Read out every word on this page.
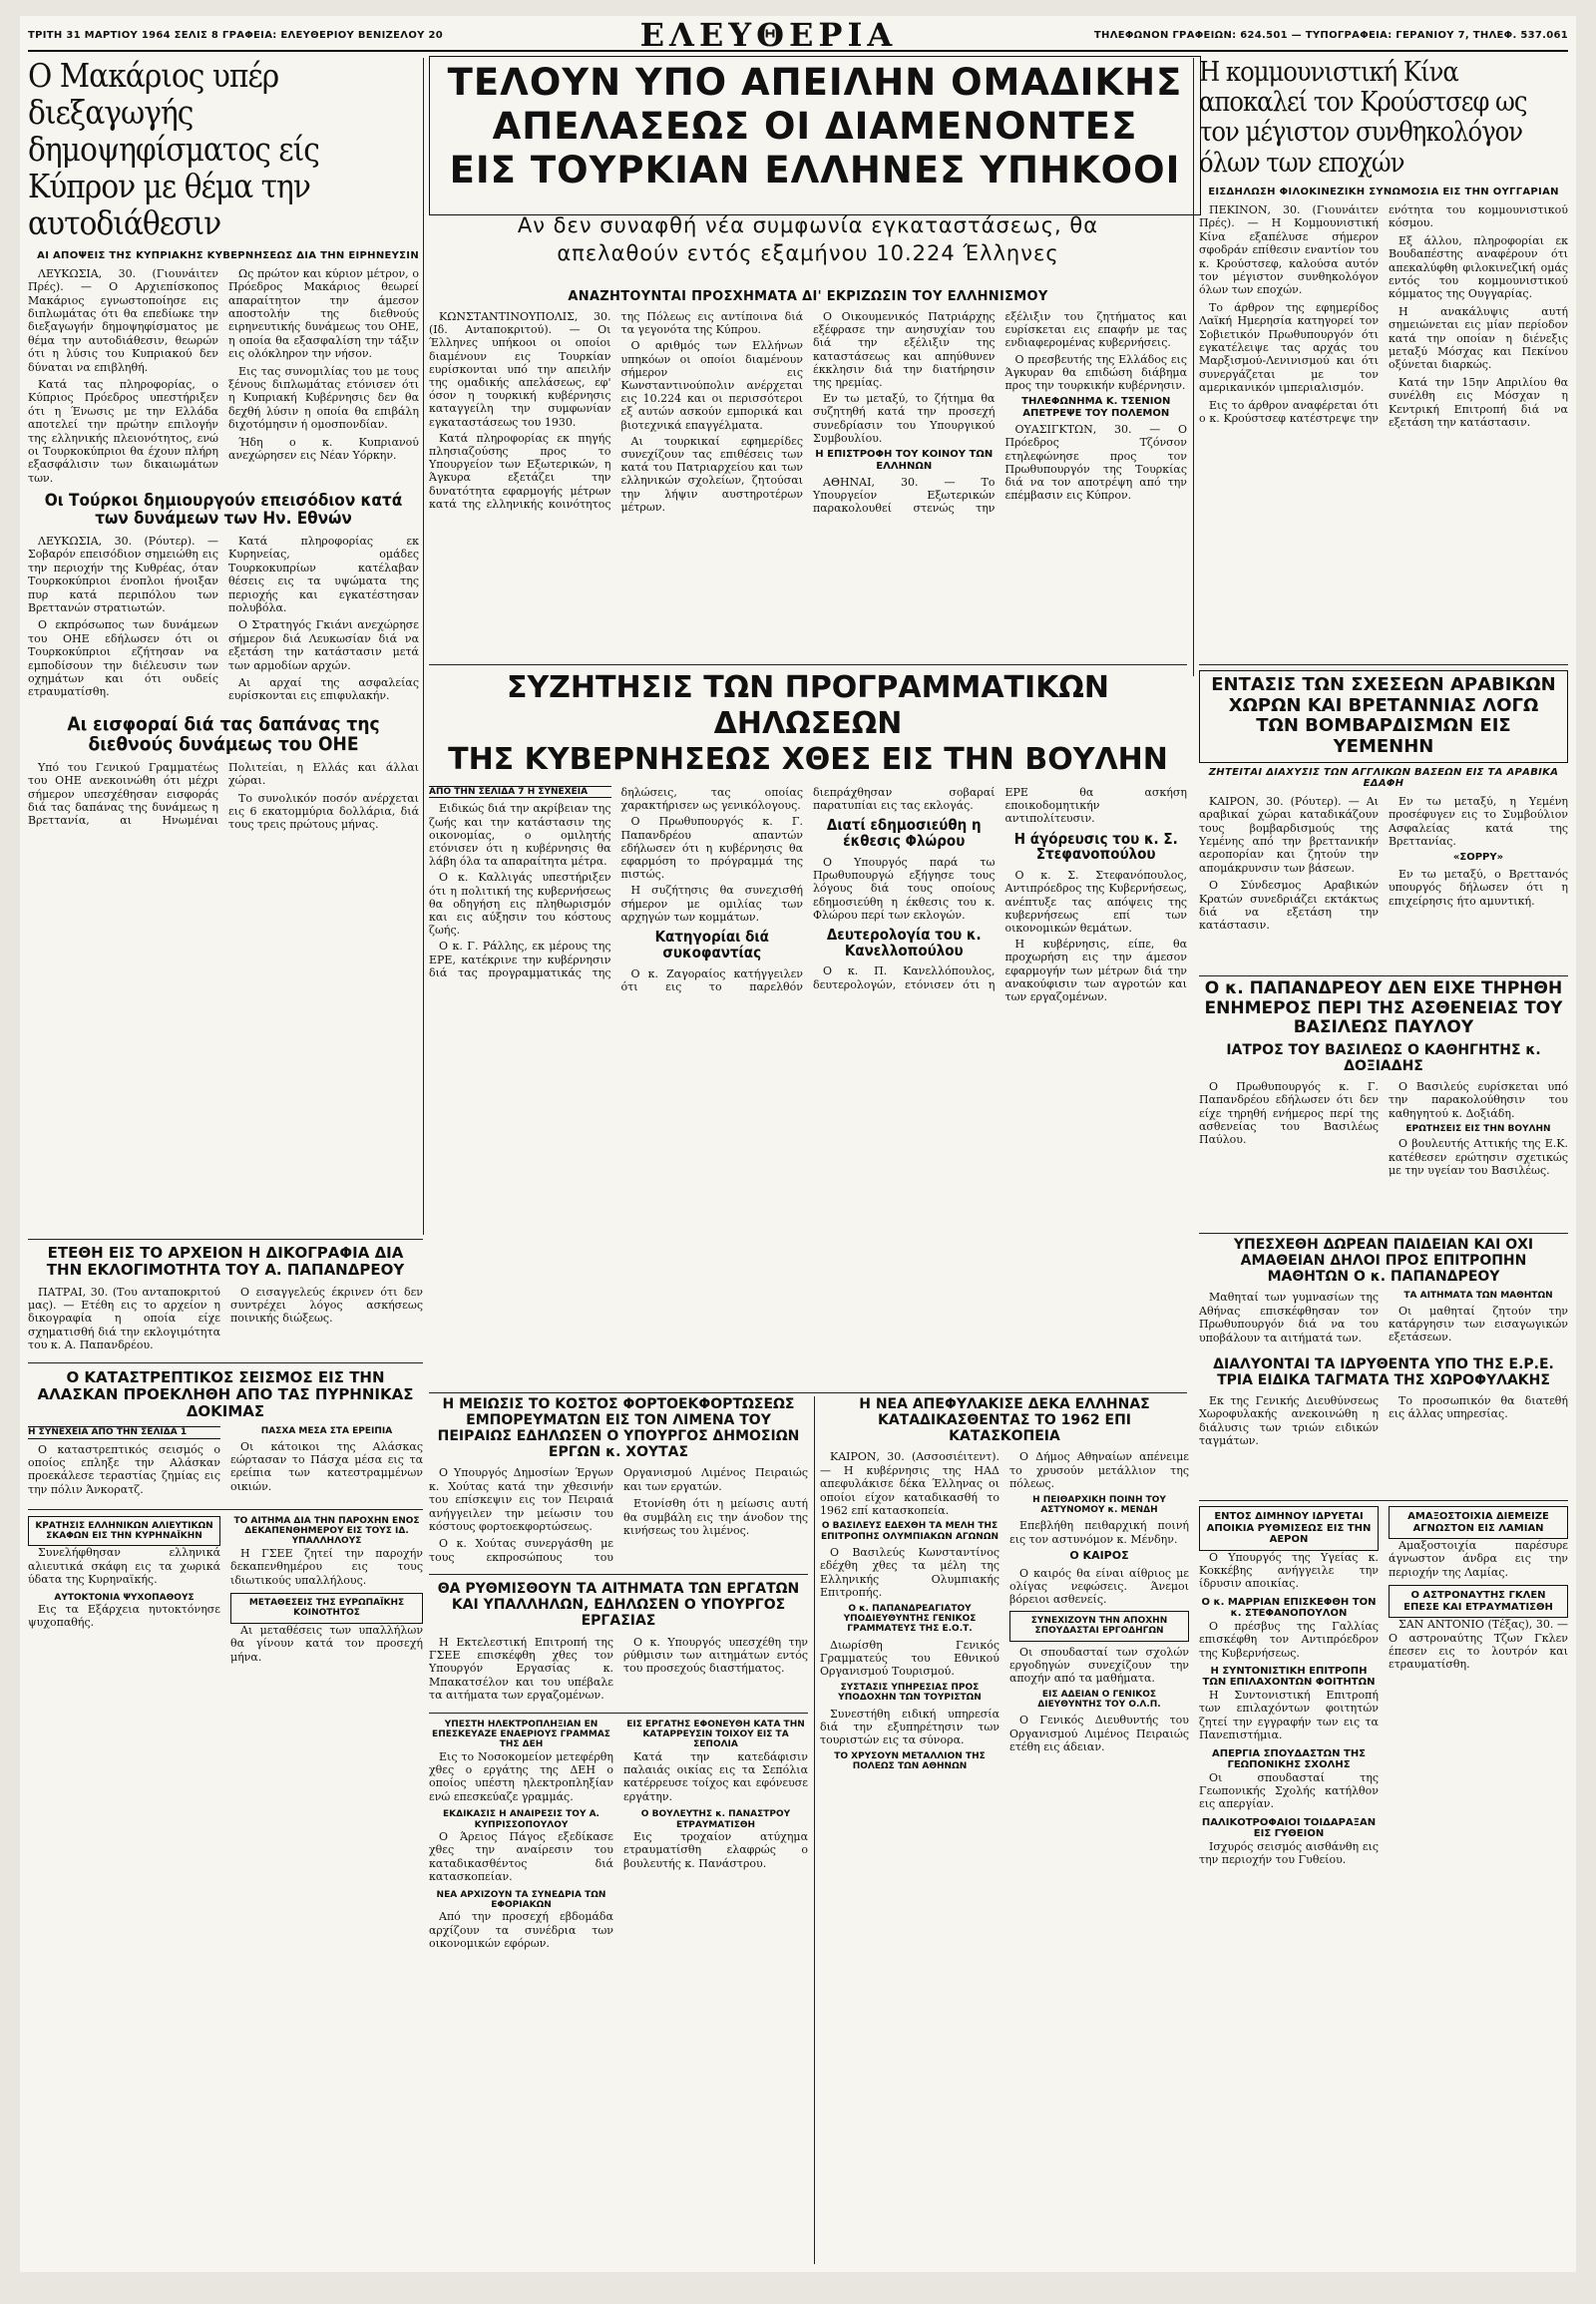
ΤΡΙΤΗ 31 ΜΑΡΤΙΟΥ 1964 ΣΕΛΙΣ 8 ΓΡΑΦΕΙΑ: ΕΛΕΥΘΕΡΙΟΥ ΒΕΝΙΖΕΛΟΥ 20	ΕΛΕΥΘΕΡΙΑ	ΤΗΛΕΦΩΝΟΝ ΓΡΑΦΕΙΩΝ: 624.501 — ΤΥΠΟΓΡΑΦΕΙΑ: ΓΕΡΑΝΙΟΥ 7, ΤΗΛΕΦ. 537.061
Ο Μακάριος υπέρ διεξαγωγής δημοψηφίσματος είς Κύπρον με θέμα την αυτοδιάθεσιν
ΑΙ ΑΠΟΨΕΙΣ ΤΗΣ ΚΥΠΡΙΑΚΗΣ ΚΥΒΕΡΝΗΣΕΩΣ ΔΙΑ ΤΗΝ ΕΙΡΗΝΕΥΣΙΝ

ΛΕΥΚΩΣΙΑ, 30. (Γιουνάιτεν Πρές). — Ο Αρχιεπίσκοπος Μακάριος εγνωστοποίησε εις διπλωμάτας ότι θα επεδίωκε την διεξαγωγήν δημοψηφίσματος με θέμα την αυτοδιάθεσιν, θεωρών ότι η λύσις του Κυπριακού δεν δύναται να επιβληθή.

Κατά τας πληροφορίας, ο Κύπριος Πρόεδρος υπεστήριξεν ότι η Ένωσις με την Ελλάδα αποτελεί την πρώτην επιλογήν της ελληνικής πλειονότητος, ενώ οι Τουρκοκύπριοι θα έχουν πλήρη εξασφάλισιν των δικαιωμάτων των.

Ως πρώτον και κύριον μέτρον, ο Πρόεδρος Μακάριος θεωρεί απαραίτητον την άμεσον αποστολήν της διεθνούς ειρηνευτικής δυνάμεως του ΟΗΕ, η οποία θα εξασφαλίση την τάξιν εις ολόκληρον την νήσον.

Εις τας συνομιλίας του με τους ξένους διπλωμάτας ετόνισεν ότι η Κυπριακή Κυβέρνησις δεν θα δεχθή λύσιν η οποία θα επιβάλη διχοτόμησιν ή ομοσπονδίαν.

Ήδη ο κ. Κυπριανού ανεχώρησεν εις Νέαν Υόρκην.

Οι Τούρκοι δημιουργούν επεισόδιον κατά των δυνάμεων των Ην. Εθνών

ΛΕΥΚΩΣΙΑ, 30. (Ρόυτερ). — Σοβαρόν επεισόδιον σημειώθη εις την περιοχήν της Κυθρέας, όταν Τουρκοκύπριοι ένοπλοι ήνοιξαν πυρ κατά περιπόλου των Βρεττανών στρατιωτών.

Ο εκπρόσωπος των δυνάμεων του ΟΗΕ εδήλωσεν ότι οι Τουρκοκύπριοι εζήτησαν να εμποδίσουν την διέλευσιν των οχημάτων και ότι ουδείς ετραυματίσθη.

Κατά πληροφορίας εκ Κυρηνείας, ομάδες Τουρκοκυπρίων κατέλαβαν θέσεις εις τα υψώματα της περιοχής και εγκατέστησαν πολυβόλα.

Ο Στρατηγός Γκιάνι ανεχώρησε σήμερον διά Λευκωσίαν διά να εξετάση την κατάστασιν μετά των αρμοδίων αρχών.

Αι αρχαί της ασφαλείας ευρίσκονται εις επιφυλακήν.

Αι εισφοραί διά τας δαπάνας της διεθνούς δυνάμεως του ΟΗΕ

Υπό του Γενικού Γραμματέως του ΟΗΕ ανεκοινώθη ότι μέχρι σήμερον υπεσχέθησαν εισφοράς διά τας δαπάνας της δυνάμεως η Βρεττανία, αι Ηνωμέναι Πολιτείαι, η Ελλάς και άλλαι χώραι.

Το συνολικόν ποσόν ανέρχεται εις 6 εκατομμύρια δολλάρια, διά τους τρεις πρώτους μήνας.

ΤΕΛΟΥΝ ΥΠΟ ΑΠΕΙΛΗΝ ΟΜΑΔΙΚΗΣ
ΑΠΕΛΑΣΕΩΣ ΟΙ ΔΙΑΜΕΝΟΝΤΕΣ
ΕΙΣ ΤΟΥΡΚΙΑΝ ΕΛΛΗΝΕΣ ΥΠΗΚΟΟΙ
Αν δεν συναφθή νέα συμφωνία εγκαταστάσεως, θα απελαθούν εντός εξαμήνου 10.224 Έλληνες
ΑΝΑΖΗΤΟΥΝΤΑΙ ΠΡΟΣΧΗΜΑΤΑ ΔΙ' ΕΚΡΙΖΩΣΙΝ ΤΟΥ ΕΛΛΗΝΙΣΜΟΥ

ΚΩΝΣΤΑΝΤΙΝΟΥΠΟΛΙΣ, 30. (Ιδ. Ανταποκριτού). — Οι Έλληνες υπήκοοι οι οποίοι διαμένουν εις Τουρκίαν ευρίσκονται υπό την απειλήν της ομαδικής απελάσεως, εφ' όσον η τουρκική κυβέρνησις καταγγείλη την συμφωνίαν εγκαταστάσεως του 1930.

Κατά πληροφορίας εκ πηγής πλησιαζούσης προς το Υπουργείον των Εξωτερικών, η Άγκυρα εξετάζει την δυνατότητα εφαρμογής μέτρων κατά της ελληνικής κοινότητος της Πόλεως εις αντίποινα διά τα γεγονότα της Κύπρου.

Ο αριθμός των Ελλήνων υπηκόων οι οποίοι διαμένουν σήμερον εις Κωνσταντινούπολιν ανέρχεται εις 10.224 και οι περισσότεροι εξ αυτών ασκούν εμπορικά και βιοτεχνικά επαγγέλματα.

Αι τουρκικαί εφημερίδες συνεχίζουν τας επιθέσεις των κατά του Πατριαρχείου και των ελληνικών σχολείων, ζητούσαι την λήψιν αυστηροτέρων μέτρων.

Ο Οικουμενικός Πατριάρχης εξέφρασε την ανησυχίαν του διά την εξέλιξιν της καταστάσεως και απηύθυνεν έκκλησιν διά την διατήρησιν της ηρεμίας.

Εν τω μεταξύ, το ζήτημα θα συζητηθή κατά την προσεχή συνεδρίασιν του Υπουργικού Συμβουλίου.

Η ΕΠΙΣΤΡΟΦΗ ΤΟΥ ΚΟΙΝΟΥ ΤΩΝ ΕΛΛΗΝΩΝ

ΑΘΗΝΑΙ, 30. — Το Υπουργείον Εξωτερικών παρακολουθεί στενώς την εξέλιξιν του ζητήματος και ευρίσκεται εις επαφήν με τας ενδιαφερομένας κυβερνήσεις.

Ο πρεσβευτής της Ελλάδος εις Άγκυραν θα επιδώση διάβημα προς την τουρκικήν κυβέρνησιν.

ΤΗΛΕΦΩΝΗΜΑ Κ. ΤΣΕΝΙΟΝ ΑΠΕΤΡΕΨΕ ΤΟΥ ΠΟΛΕΜΟΝ

ΟΥΑΣΙΓΚΤΩΝ, 30. — Ο Πρόεδρος Τζόνσον ετηλεφώνησε προς τον Πρωθυπουργόν της Τουρκίας διά να τον αποτρέψη από την επέμβασιν εις Κύπρον.

Η κομμουνιστική Κίνα αποκαλεί τον Κρούστσεφ ως τον μέγιστον συνθηκολόγον όλων των εποχών
ΕΙΣΔΗΛΩΣΗ ΦΙΛΟΚΙΝΕΖΙΚΗ ΣΥΝΩΜΟΣΙΑ ΕΙΣ ΤΗΝ ΟΥΓΓΑΡΙΑΝ

ΠΕΚΙΝΟΝ, 30. (Γιουνάιτεν Πρές). — Η Κομμουνιστική Κίνα εξαπέλυσε σήμερον σφοδράν επίθεσιν εναντίον του κ. Κρούστσεφ, καλούσα αυτόν τον μέγιστον συνθηκολόγον όλων των εποχών.

Το άρθρον της εφημερίδος Λαϊκή Ημερησία κατηγορεί τον Σοβιετικόν Πρωθυπουργόν ότι εγκατέλειψε τας αρχάς του Μαρξισμού-Λενινισμού και ότι συνεργάζεται με τον αμερικανικόν ιμπεριαλισμόν.

Εις το άρθρον αναφέρεται ότι ο κ. Κρούστσεφ κατέστρεψε την ενότητα του κομμουνιστικού κόσμου.

Εξ άλλου, πληροφορίαι εκ Βουδαπέστης αναφέρουν ότι απεκαλύφθη φιλοκινεζική ομάς εντός του κομμουνιστικού κόμματος της Ουγγαρίας.

Η ανακάλυψις αυτή σημειώνεται εις μίαν περίοδον κατά την οποίαν η διένεξις μεταξύ Μόσχας και Πεκίνου οξύνεται διαρκώς.

Κατά την 15ην Απριλίου θα συνέλθη εις Μόσχαν η Κεντρική Επιτροπή διά να εξετάση την κατάστασιν.

ΣΥΖΗΤΗΣΙΣ ΤΩΝ ΠΡΟΓΡΑΜΜΑΤΙΚΩΝ ΔΗΛΩΣΕΩΝ
ΤΗΣ ΚΥΒΕΡΝΗΣΕΩΣ ΧΘΕΣ ΕΙΣ ΤΗΝ ΒΟΥΛΗΝ
ΑΠΟ ΤΗΝ ΣΕΛΙΔΑ 7 Η ΣΥΝΕΧΕΙΑ

Ειδικώς διά την ακρίβειαν της ζωής και την κατάστασιν της οικονομίας, ο ομιλητής ετόνισεν ότι η κυβέρνησις θα λάβη όλα τα απαραίτητα μέτρα.

Ο κ. Καλλιγάς υπεστήριξεν ότι η πολιτική της κυβερνήσεως θα οδηγήση εις πληθωρισμόν και εις αύξησιν του κόστους ζωής.

Ο κ. Γ. Ράλλης, εκ μέρους της ΕΡΕ, κατέκρινε την κυβέρνησιν διά τας προγραμματικάς της δηλώσεις, τας οποίας χαρακτήρισεν ως γενικόλογους.

Ο Πρωθυπουργός κ. Γ. Παπανδρέου απαντών εδήλωσεν ότι η κυβέρνησις θα εφαρμόση το πρόγραμμά της πιστώς.

Η συζήτησις θα συνεχισθή σήμερον με ομιλίας των αρχηγών των κομμάτων.

Κατηγορίαι διά συκοφαντίας

Ο κ. Ζαγοραίος κατήγγειλεν ότι εις το παρελθόν διεπράχθησαν σοβαραί παρατυπίαι εις τας εκλογάς.

Διατί εδημοσιεύθη η έκθεσις Φλώρου

Ο Υπουργός παρά τω Πρωθυπουργώ εξήγησε τους λόγους διά τους οποίους εδημοσιεύθη η έκθεσις του κ. Φλώρου περί των εκλογών.

Δευτερολογία του κ. Κανελλοπούλου

Ο κ. Π. Κανελλόπουλος, δευτερολογών, ετόνισεν ότι η ΕΡΕ θα ασκήση εποικοδομητικήν αντιπολίτευσιν.

Η άγόρευσις του κ. Σ. Στεφανοπούλου

Ο κ. Σ. Στεφανόπουλος, Αντιπρόεδρος της Κυβερνήσεως, ανέπτυξε τας απόψεις της κυβερνήσεως επί των οικονομικών θεμάτων.

Η κυβέρνησις, είπε, θα προχωρήση εις την άμεσον εφαρμογήν των μέτρων διά την ανακούφισιν των αγροτών και των εργαζομένων.

ΕΝΤΑΣΙΣ ΤΩΝ ΣΧΕΣΕΩΝ ΑΡΑΒΙΚΩΝ ΧΩΡΩΝ ΚΑΙ ΒΡΕΤΑΝΝΙΑΣ ΛΟΓΩ ΤΩΝ ΒΟΜΒΑΡΔΙΣΜΩΝ ΕΙΣ ΥΕΜΕΝΗΝ
ΖΗΤΕΙΤΑΙ ΔΙΑΧΥΣΙΣ ΤΩΝ ΑΓΓΛΙΚΩΝ ΒΑΣΕΩΝ ΕΙΣ ΤΑ ΑΡΑΒΙΚΑ ΕΔΑΦΗ

ΚΑΙΡΟΝ, 30. (Ρόυτερ). — Αι αραβικαί χώραι καταδικάζουν τους βομβαρδισμούς της Υεμένης από την βρεττανικήν αεροπορίαν και ζητούν την απομάκρυνσιν των βάσεων.

Ο Σύνδεσμος Αραβικών Κρατών συνεδριάζει εκτάκτως διά να εξετάση την κατάστασιν.

Εν τω μεταξύ, η Υεμένη προσέφυγεν εις το Συμβούλιον Ασφαλείας κατά της Βρεττανίας.

«ΣΟΡΡΥ»

Εν τω μεταξύ, ο Βρεττανός υπουργός δήλωσεν ότι η επιχείρησις ήτο αμυντική.

Ο κ. ΠΑΠΑΝΔΡΕΟΥ ΔΕΝ ΕΙΧΕ ΤΗΡΗΘΗ ΕΝΗΜΕΡΟΣ ΠΕΡΙ ΤΗΣ ΑΣΘΕΝΕΙΑΣ ΤΟΥ ΒΑΣΙΛΕΩΣ ΠΑΥΛΟΥ
ΙΑΤΡΟΣ ΤΟΥ ΒΑΣΙΛΕΩΣ Ο ΚΑΘΗΓΗΤΗΣ κ. ΔΟΞΙΑΔΗΣ

Ο Πρωθυπουργός κ. Γ. Παπανδρέου εδήλωσεν ότι δεν είχε τηρηθή ενήμερος περί της ασθενείας του Βασιλέως Παύλου.

Ο Βασιλεύς ευρίσκεται υπό την παρακολούθησιν του καθηγητού κ. Δοξιάδη.

ΕΡΩΤΗΣΕΙΣ ΕΙΣ ΤΗΝ ΒΟΥΛΗΝ

Ο βουλευτής Αττικής της Ε.Κ. κατέθεσεν ερώτησιν σχετικώς με την υγείαν του Βασιλέως.

ΥΠΕΣΧΕΘΗ ΔΩΡΕΑΝ ΠΑΙΔΕΙΑΝ ΚΑΙ ΟΧΙ ΑΜΑΘΕΙΑΝ ΔΗΛΟΙ ΠΡΟΣ ΕΠΙΤΡΟΠΗΝ ΜΑΘΗΤΩΝ Ο κ. ΠΑΠΑΝΔΡΕΟΥ

Μαθηταί των γυμνασίων της Αθήνας επισκέφθησαν τον Πρωθυπουργόν διά να του υποβάλουν τα αιτήματά των.

ΤΑ ΑΙΤΗΜΑΤΑ ΤΩΝ ΜΑΘΗΤΩΝ

Οι μαθηταί ζητούν την κατάργησιν των εισαγωγικών εξετάσεων.

ΔΙΑΛΥΟΝΤΑΙ ΤΑ ΙΔΡΥΘΕΝΤΑ ΥΠΟ ΤΗΣ Ε.Ρ.Ε. ΤΡΙΑ ΕΙΔΙΚΑ ΤΑΓΜΑΤΑ ΤΗΣ ΧΩΡΟΦΥΛΑΚΗΣ

Εκ της Γενικής Διευθύνσεως Χωροφυλακής ανεκοινώθη η διάλυσις των τριών ειδικών ταγμάτων.

Το προσωπικόν θα διατεθή εις άλλας υπηρεσίας.

ΕΝΤΟΣ ΔΙΜΗΝΟΥ ΙΔΡΥΕΤΑΙ ΑΠΟΙΚΙΑ ΡΥΘΜΙΣΕΩΣ ΕΙΣ ΤΗΝ ΑΕΡΟΝ

Ο Υπουργός της Υγείας κ. Κοκκέβης ανήγγειλε την ίδρυσιν αποικίας.

Ο κ. ΜΑΡΡΙΑΝ ΕΠΙΣΚΕΦΘΗ ΤΟΝ κ. ΣΤΕΦΑΝΟΠΟΥΛΟΝ

Ο πρέσβυς της Γαλλίας επισκέφθη τον Αντιπρόεδρον της Κυβερνήσεως.

Η ΣΥΝΤΟΝΙΣΤΙΚΗ ΕΠΙΤΡΟΠΗ ΤΩΝ ΕΠΙΛΑΧΟΝΤΩΝ ΦΟΙΤΗΤΩΝ

Η Συντονιστική Επιτροπή των επιλαχόντων φοιτητών ζητεί την εγγραφήν των εις τα Πανεπιστήμια.

ΑΠΕΡΓΙΑ ΣΠΟΥΔΑΣΤΩΝ ΤΗΣ ΓΕΩΠΟΝΙΚΗΣ ΣΧΟΛΗΣ

Οι σπουδασταί της Γεωπονικής Σχολής κατήλθον εις απεργίαν.

ΠΑΛΙΚΟΤΡΟΦΑΙΟΙ ΤΟΙΔΑΡΑΞΑΝ ΕΙΣ ΓΥΘΕΙΟΝ

Ισχυρός σεισμός αισθάνθη εις την περιοχήν του Γυθείου.

ΑΜΑΞΟΣΤΟΙΧΙΑ ΔΙΕΜΕΙΖΕ ΑΓΝΩΣΤΟΝ ΕΙΣ ΛΑΜΙΑΝ

Αμαξοστοιχία παρέσυρε άγνωστον άνδρα εις την περιοχήν της Λαμίας.

Ο ΑΣΤΡΟΝΑΥΤΗΣ ΓΚΛΕΝ ΕΠΕΣΕ ΚΑΙ ΕΤΡΑΥΜΑΤΙΣΘΗ

ΣΑΝ ΑΝΤΟΝΙΟ (Τέξας), 30. — Ο αστροναύτης Τζων Γκλεν έπεσεν εις το λουτρόν και ετραυματίσθη.

Η ΜΕΙΩΣΙΣ ΤΟ ΚΟΣΤΟΣ ΦΟΡΤΟΕΚΦΟΡΤΩΣΕΩΣ ΕΜΠΟΡΕΥΜΑΤΩΝ ΕΙΣ ΤΟΝ ΛΙΜΕΝΑ ΤΟΥ ΠΕΙΡΑΙΩΣ ΕΔΗΛΩΣΕΝ Ο ΥΠΟΥΡΓΟΣ ΔΗΜΟΣΙΩΝ ΕΡΓΩΝ κ. ΧΟΥΤΑΣ

Ο Υπουργός Δημοσίων Έργων κ. Χούτας κατά την χθεσινήν του επίσκεψιν εις τον Πειραιά ανήγγειλεν την μείωσιν του κόστους φορτοεκφορτώσεως.

Ο κ. Χούτας συνεργάσθη με τους εκπροσώπους του Οργανισμού Λιμένος Πειραιώς και των εργατών.

Ετονίσθη ότι η μείωσις αυτή θα συμβάλη εις την άνοδον της κινήσεως του λιμένος.

ΘΑ ΡΥΘΜΙΣΘΟΥΝ ΤΑ ΑΙΤΗΜΑΤΑ ΤΩΝ ΕΡΓΑΤΩΝ ΚΑΙ ΥΠΑΛΛΗΛΩΝ, ΕΔΗΛΩΣΕΝ Ο ΥΠΟΥΡΓΟΣ ΕΡΓΑΣΙΑΣ

Η Εκτελεστική Επιτροπή της ΓΣΕΕ επισκέφθη χθες τον Υπουργόν Εργασίας κ. Μπακατσέλον και του υπέβαλε τα αιτήματα των εργαζομένων.

Ο κ. Υπουργός υπεσχέθη την ρύθμισιν των αιτημάτων εντός του προσεχούς διαστήματος.

ΥΠΕΣΤΗ ΗΛΕΚΤΡΟΠΛΗΞΙΑΝ ΕΝ ΕΠΕΣΚΕΥΑΖΕ ΕΝΑΕΡΙΟΥΣ ΓΡΑΜΜΑΣ ΤΗΣ ΔΕΗ

Εις το Νοσοκομείον μετεφέρθη χθες ο εργάτης της ΔΕΗ ο οποίος υπέστη ηλεκτροπληξίαν ενώ επεσκεύαζε γραμμάς.

ΕΚΔΙΚΑΣΙΣ Η ΑΝΑΙΡΕΣΙΣ ΤΟΥ Α. ΚΥΠΡΙΣΣΟΠΟΥΛΟΥ

Ο Άρειος Πάγος εξεδίκασε χθες την αναίρεσιν του καταδικασθέντος διά κατασκοπείαν.

ΝΕΑ ΑΡΧΙΖΟΥΝ ΤΑ ΣΥΝΕΔΡΙΑ ΤΩΝ ΕΦΟΡΙΑΚΩΝ

Από την προσεχή εβδομάδα αρχίζουν τα συνέδρια των οικονομικών εφόρων.

ΕΙΣ ΕΡΓΑΤΗΣ ΕΦΟΝΕΥΘΗ ΚΑΤΑ ΤΗΝ ΚΑΤΑΡΡΕΥΣΙΝ ΤΟΙΧΟΥ ΕΙΣ ΤΑ ΣΕΠΟΛΙΑ

Κατά την κατεδάφισιν παλαιάς οικίας εις τα Σεπόλια κατέρρευσε τοίχος και εφόνευσε εργάτην.

Ο ΒΟΥΛΕΥΤΗΣ κ. ΠΑΝΑΣΤΡΟΥ ΕΤΡΑΥΜΑΤΙΣΘΗ

Εις τροχαίον ατύχημα ετραυματίσθη ελαφρώς ο βουλευτής κ. Πανάστρου.

Η ΝΕΑ ΑΠΕΦΥΛΑΚΙΣΕ ΔΕΚΑ ΕΛΛΗΝΑΣ ΚΑΤΑΔΙΚΑΣΘΕΝΤΑΣ ΤΟ 1962 ΕΠΙ ΚΑΤΑΣΚΟΠΕΙΑ

ΚΑΙΡΟΝ, 30. (Ασσοσιέιτεντ). — Η κυβέρνησις της ΗΑΔ απεφυλάκισε δέκα Έλληνας οι οποίοι είχον καταδικασθή το 1962 επί κατασκοπεία.

Ο ΒΑΣΙΛΕΥΣ ΕΔΕΧΘΗ ΤΑ ΜΕΛΗ ΤΗΣ ΕΠΙΤΡΟΠΗΣ ΟΛΥΜΠΙΑΚΩΝ ΑΓΩΝΩΝ

Ο Βασιλεύς Κωνσταντίνος εδέχθη χθες τα μέλη της Ελληνικής Ολυμπιακής Επιτροπής.

Ο κ. ΠΑΠΑΝΔΡΕΑΓΙΑΤΟΥ ΥΠΟΔΙΕΥΘΥΝΤΗΣ ΓΕΝΙΚΟΣ ΓΡΑΜΜΑΤΕΥΣ ΤΗΣ Ε.Ο.Τ.

Διωρίσθη Γενικός Γραμματεύς του Εθνικού Οργανισμού Τουρισμού.

ΣΥΣΤΑΣΙΣ ΥΠΗΡΕΣΙΑΣ ΠΡΟΣ ΥΠΟΔΟΧΗΝ ΤΩΝ ΤΟΥΡΙΣΤΩΝ

Συνεστήθη ειδική υπηρεσία διά την εξυπηρέτησιν των τουριστών εις τα σύνορα.

ΤΟ ΧΡΥΣΟΥΝ ΜΕΤΑΛΛΙΟΝ ΤΗΣ ΠΟΛΕΩΣ ΤΩΝ ΑΘΗΝΩΝ

Ο Δήμος Αθηναίων απένειμε το χρυσούν μετάλλιον της πόλεως.

Η ΠΕΙΘΑΡΧΙΚΗ ΠΟΙΝΗ ΤΟΥ ΑΣΤΥΝΟΜΟΥ κ. ΜΕΝΔΗ

Επεβλήθη πειθαρχική ποινή εις τον αστυνόμον κ. Μένδην.

Ο ΚΑΙΡΟΣ

Ο καιρός θα είναι αίθριος με ολίγας νεφώσεις. Άνεμοι βόρειοι ασθενείς.

ΣΥΝΕΧΙΖΟΥΝ ΤΗΝ ΑΠΟΧΗΝ ΣΠΟΥΔΑΣΤΑΙ ΕΡΓΟΔΗΓΩΝ

Οι σπουδασταί των σχολών εργοδηγών συνεχίζουν την αποχήν από τα μαθήματα.

ΕΙΣ ΑΔΕΙΑΝ Ο ΓΕΝΙΚΟΣ ΔΙΕΥΘΥΝΤΗΣ ΤΟΥ Ο.Λ.Π.

Ο Γενικός Διευθυντής του Οργανισμού Λιμένος Πειραιώς ετέθη εις άδειαν.

ΕΤΕΘΗ ΕΙΣ ΤΟ ΑΡΧΕΙΟΝ Η ΔΙΚΟΓΡΑΦΙΑ ΔΙΑ ΤΗΝ ΕΚΛΟΓΙΜΟΤΗΤΑ ΤΟΥ Α. ΠΑΠΑΝΔΡΕΟΥ

ΠΑΤΡΑΙ, 30. (Του ανταποκριτού μας). — Ετέθη εις το αρχείον η δικογραφία η οποία είχε σχηματισθή διά την εκλογιμότητα του κ. Α. Παπανδρέου.

Ο εισαγγελεύς έκρινεν ότι δεν συντρέχει λόγος ασκήσεως ποινικής διώξεως.

Ο ΚΑΤΑΣΤΡΕΠΤΙΚΟΣ ΣΕΙΣΜΟΣ ΕΙΣ ΤΗΝ ΑΛΑΣΚΑΝ ΠΡΟΕΚΛΗΘΗ ΑΠΟ ΤΑΣ ΠΥΡΗΝΙΚΑΣ ΔΟΚΙΜΑΣ
Η ΣΥΝΕΧΕΙΑ ΑΠΟ ΤΗΝ ΣΕΛΙΔΑ 1

Ο καταστρεπτικός σεισμός ο οποίος επληξε την Αλάσκαν προεκάλεσε τεραστίας ζημίας εις την πόλιν Άνκορατζ.

ΠΑΣΧΑ ΜΕΣΑ ΣΤΑ ΕΡΕΙΠΙΑ

Οι κάτοικοι της Αλάσκας εώρτασαν το Πάσχα μέσα εις τα ερείπια των κατεστραμμένων οικιών.

ΚΡΑΤΗΣΙΣ ΕΛΛΗΝΙΚΩΝ ΑΛΙΕΥΤΙΚΩΝ ΣΚΑΦΩΝ ΕΙΣ ΤΗΝ ΚΥΡΗΝΑΪΚΗΝ

Συνελήφθησαν ελληνικά αλιευτικά σκάφη εις τα χωρικά ύδατα της Κυρηναϊκής.

ΑΥΤΟΚΤΟΝΙΑ ΨΥΧΟΠΑΘΟΥΣ

Εις τα Εξάρχεια ηυτοκτόνησε ψυχοπαθής.

ΤΟ ΑΙΤΗΜΑ ΔΙΑ ΤΗΝ ΠΑΡΟΧΗΝ ΕΝΟΣ ΔΕΚΑΠΕΝΘΗΜΕΡΟΥ ΕΙΣ ΤΟΥΣ ΙΔ. ΥΠΑΛΛΗΛΟΥΣ

Η ΓΣΕΕ ζητεί την παροχήν δεκαπενθημέρου εις τους ιδιωτικούς υπαλλήλους.

ΜΕΤΑΘΕΣΕΙΣ ΤΗΣ ΕΥΡΩΠΑΪΚΗΣ ΚΟΙΝΟΤΗΤΟΣ

Αι μεταθέσεις των υπαλλήλων θα γίνουν κατά τον προσεχή μήνα.
